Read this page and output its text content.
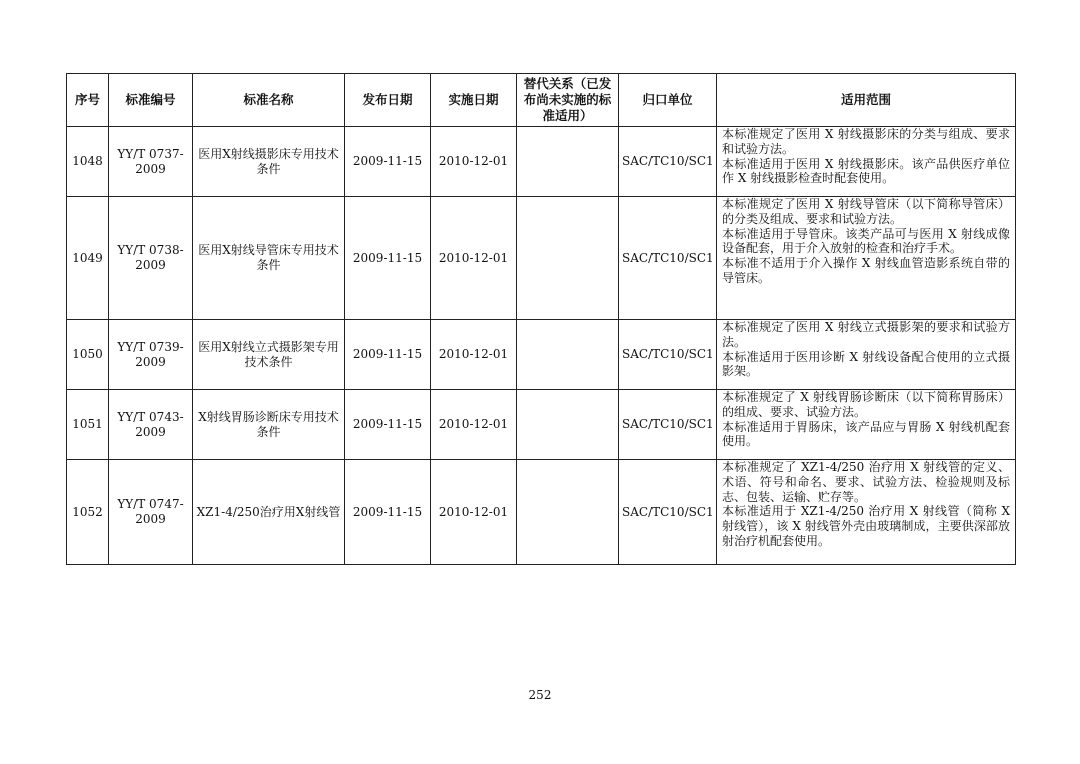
序号	标准编号	标准名称	发布日期	实施日期	替代关系（已发布尚未实施的标准适用）	归口单位	适用范围
1048	YY/T 0737-2009	医用X射线摄影床专用技术条件	2009-11-15	2010-12-01		SAC/TC10/SC1	本标准规定了医用 X 射线摄影床的分类与组成、要求和试验方法。

本标准适用于医用 X 射线摄影床。该产品供医疗单位作 X 射线摄影检查时配套使用。

1049	YY/T 0738-2009	医用X射线导管床专用技术条件	2009-11-15	2010-12-01		SAC/TC10/SC1	本标准规定了医用 X 射线导管床（以下简称导管床）的分类及组成、要求和试验方法。

本标准适用于导管床。该类产品可与医用 X 射线成像设备配套，用于介入放射的检查和治疗手术。

本标准不适用于介入操作 X 射线血管造影系统自带的导管床。

1050	YY/T 0739-2009	医用X射线立式摄影架专用技术条件	2009-11-15	2010-12-01		SAC/TC10/SC1	本标准规定了医用 X 射线立式摄影架的要求和试验方法。

本标准适用于医用诊断 X 射线设备配合使用的立式摄影架。

1051	YY/T 0743-2009	X射线胃肠诊断床专用技术条件	2009-11-15	2010-12-01		SAC/TC10/SC1	本标准规定了 X 射线胃肠诊断床（以下简称胃肠床）的组成、要求、试验方法。

本标准适用于胃肠床，该产品应与胃肠 X 射线机配套使用。

1052	YY/T 0747-2009	XZ1-4/250治疗用X射线管	2009-11-15	2010-12-01		SAC/TC10/SC1	本标准规定了 XZ1-4/250 治疗用 X 射线管的定义、术语、符号和命名、要求、试验方法、检验规则及标志、包装、运输、贮存等。

本标准适用于 XZ1-4/250 治疗用 X 射线管（简称 X 射线管），该 X 射线管外壳由玻璃制成，主要供深部放射治疗机配套使用。

252
